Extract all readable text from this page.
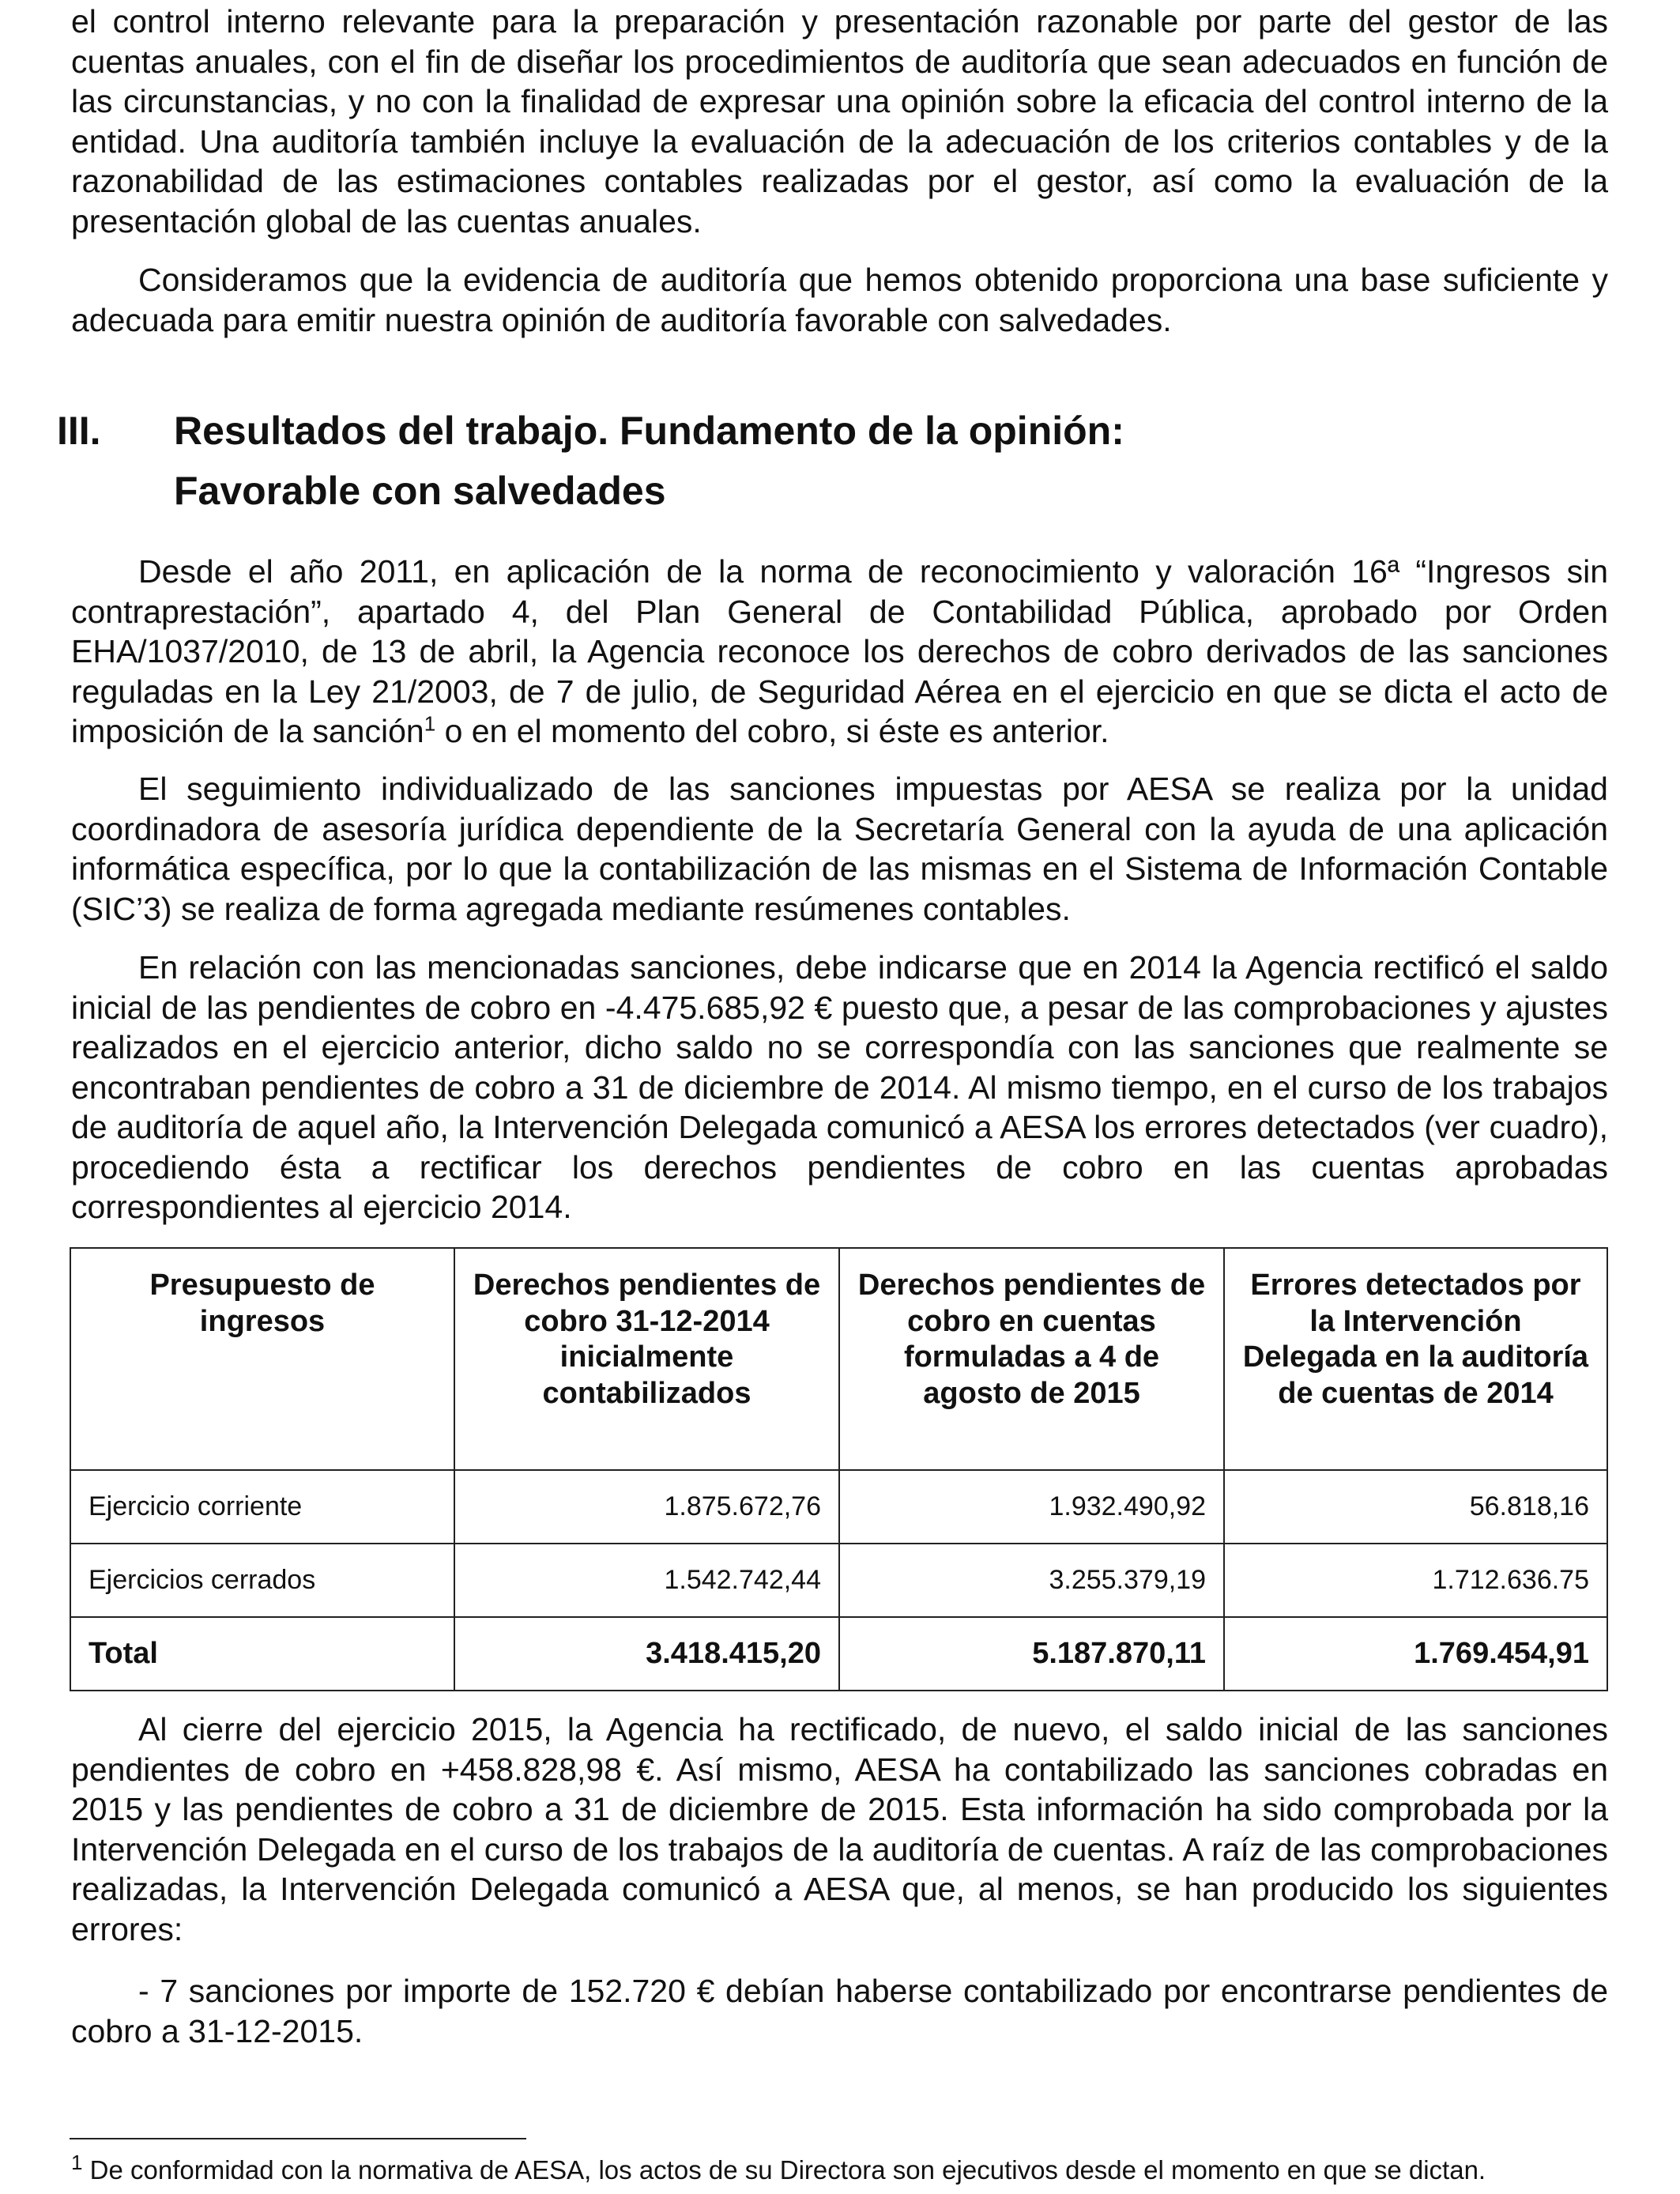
el control interno relevante para la preparación y presentación razonable por parte del gestor de las cuentas anuales, con el fin de diseñar los procedimientos de auditoría que sean adecuados en función de las circunstancias, y no con la finalidad de expresar una opinión sobre la eficacia del control interno de la entidad. Una auditoría también incluye la evaluación de la adecuación de los criterios contables y de la razonabilidad de las estimaciones contables realizadas por el gestor, así como la evaluación de la presentación global de las cuentas anuales.

Consideramos que la evidencia de auditoría que hemos obtenido proporciona una base suficiente y adecuada para emitir nuestra opinión de auditoría favorable con salvedades.

III. Resultados del trabajo. Fundamento de la opinión:
Favorable con salvedades

Desde el año 2011, en aplicación de la norma de reconocimiento y valoración 16ª “Ingresos sin contraprestación”, apartado 4, del Plan General de Contabilidad Pública, aprobado por Orden EHA/1037/2010, de 13 de abril, la Agencia reconoce los derechos de cobro derivados de las sanciones reguladas en la Ley 21/2003, de 7 de julio, de Seguridad Aérea en el ejercicio en que se dicta el acto de imposición de la sanción$^1$ o en el momento del cobro, si éste es anterior.

El seguimiento individualizado de las sanciones impuestas por AESA se realiza por la unidad coordinadora de asesoría jurídica dependiente de la Secretaría General con la ayuda de una aplicación informática específica, por lo que la contabilización de las mismas en el Sistema de Información Contable (SIC’3) se realiza de forma agregada mediante resúmenes contables.

En relación con las mencionadas sanciones, debe indicarse que en 2014 la Agencia rectificó el saldo inicial de las pendientes de cobro en -4.475.685,92 € puesto que, a pesar de las comprobaciones y ajustes realizados en el ejercicio anterior, dicho saldo no se correspondía con las sanciones que realmente se encontraban pendientes de cobro a 31 de diciembre de 2014. Al mismo tiempo, en el curso de los trabajos de auditoría de aquel año, la Intervención Delegada comunicó a AESA los errores detectados (ver cuadro), procediendo ésta a rectificar los derechos pendientes de cobro en las cuentas aprobadas correspondientes al ejercicio 2014.

Presupuesto de ingresos	Derechos pendientes de cobro 31-12-2014 inicialmente contabilizados	Derechos pendientes de cobro en cuentas formuladas a 4 de agosto de 2015	Errores detectados por la Intervención Delegada en la auditoría de cuentas de 2014
Ejercicio corriente	1.875.672,76	1.932.490,92	56.818,16
Ejercicios cerrados	1.542.742,44	3.255.379,19	1.712.636.75
Total	3.418.415,20	5.187.870,11	1.769.454,91

Al cierre del ejercicio 2015, la Agencia ha rectificado, de nuevo, el saldo inicial de las sanciones pendientes de cobro en +458.828,98 €. Así mismo, AESA ha contabilizado las sanciones cobradas en 2015 y las pendientes de cobro a 31 de diciembre de 2015. Esta información ha sido comprobada por la Intervención Delegada en el curso de los trabajos de la auditoría de cuentas. A raíz de las comprobaciones realizadas, la Intervención Delegada comunicó a AESA que, al menos, se han producido los siguientes errores:

- 7 sanciones por importe de 152.720 € debían haberse contabilizado por encontrarse pendientes de cobro a 31-12-2015.

$^1$ De conformidad con la normativa de AESA, los actos de su Directora son ejecutivos desde el momento en que se dictan.
